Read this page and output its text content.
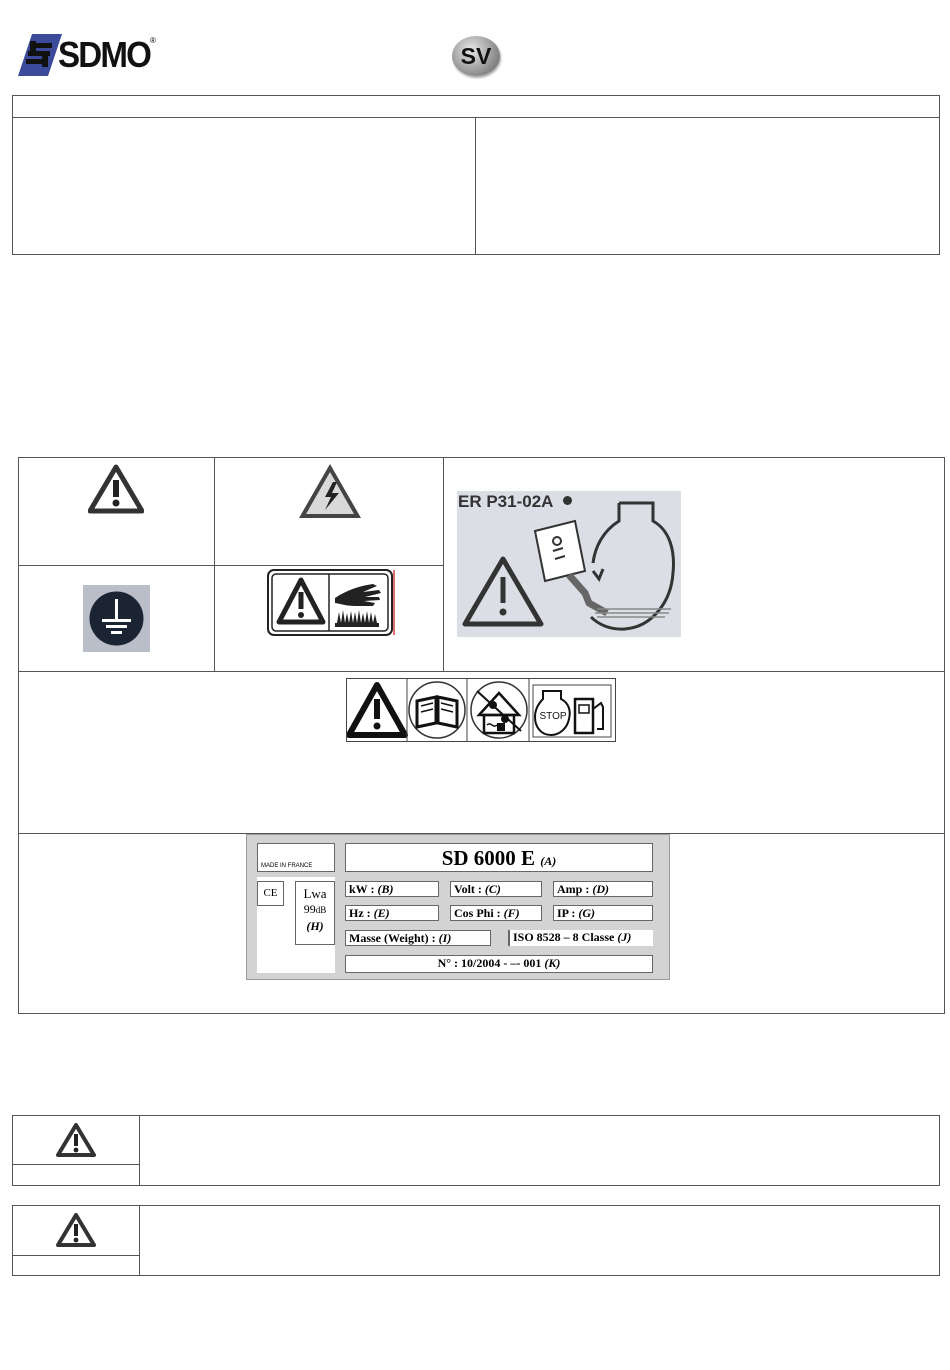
SDMO ®
SV
ER P31-02A
STOP
MADE IN FRANCE	SD 6000 E (A)
CE	Lwa
99dB
(H)
kW : (B)	Volt : (C)	Amp : (D)
Hz : (E)	Cos Phi : (F)	IP : (G)
Masse (Weight) : (I)	ISO 8528 – 8 Classe (J)
N° : 10/2004 - –- 001 (K)
